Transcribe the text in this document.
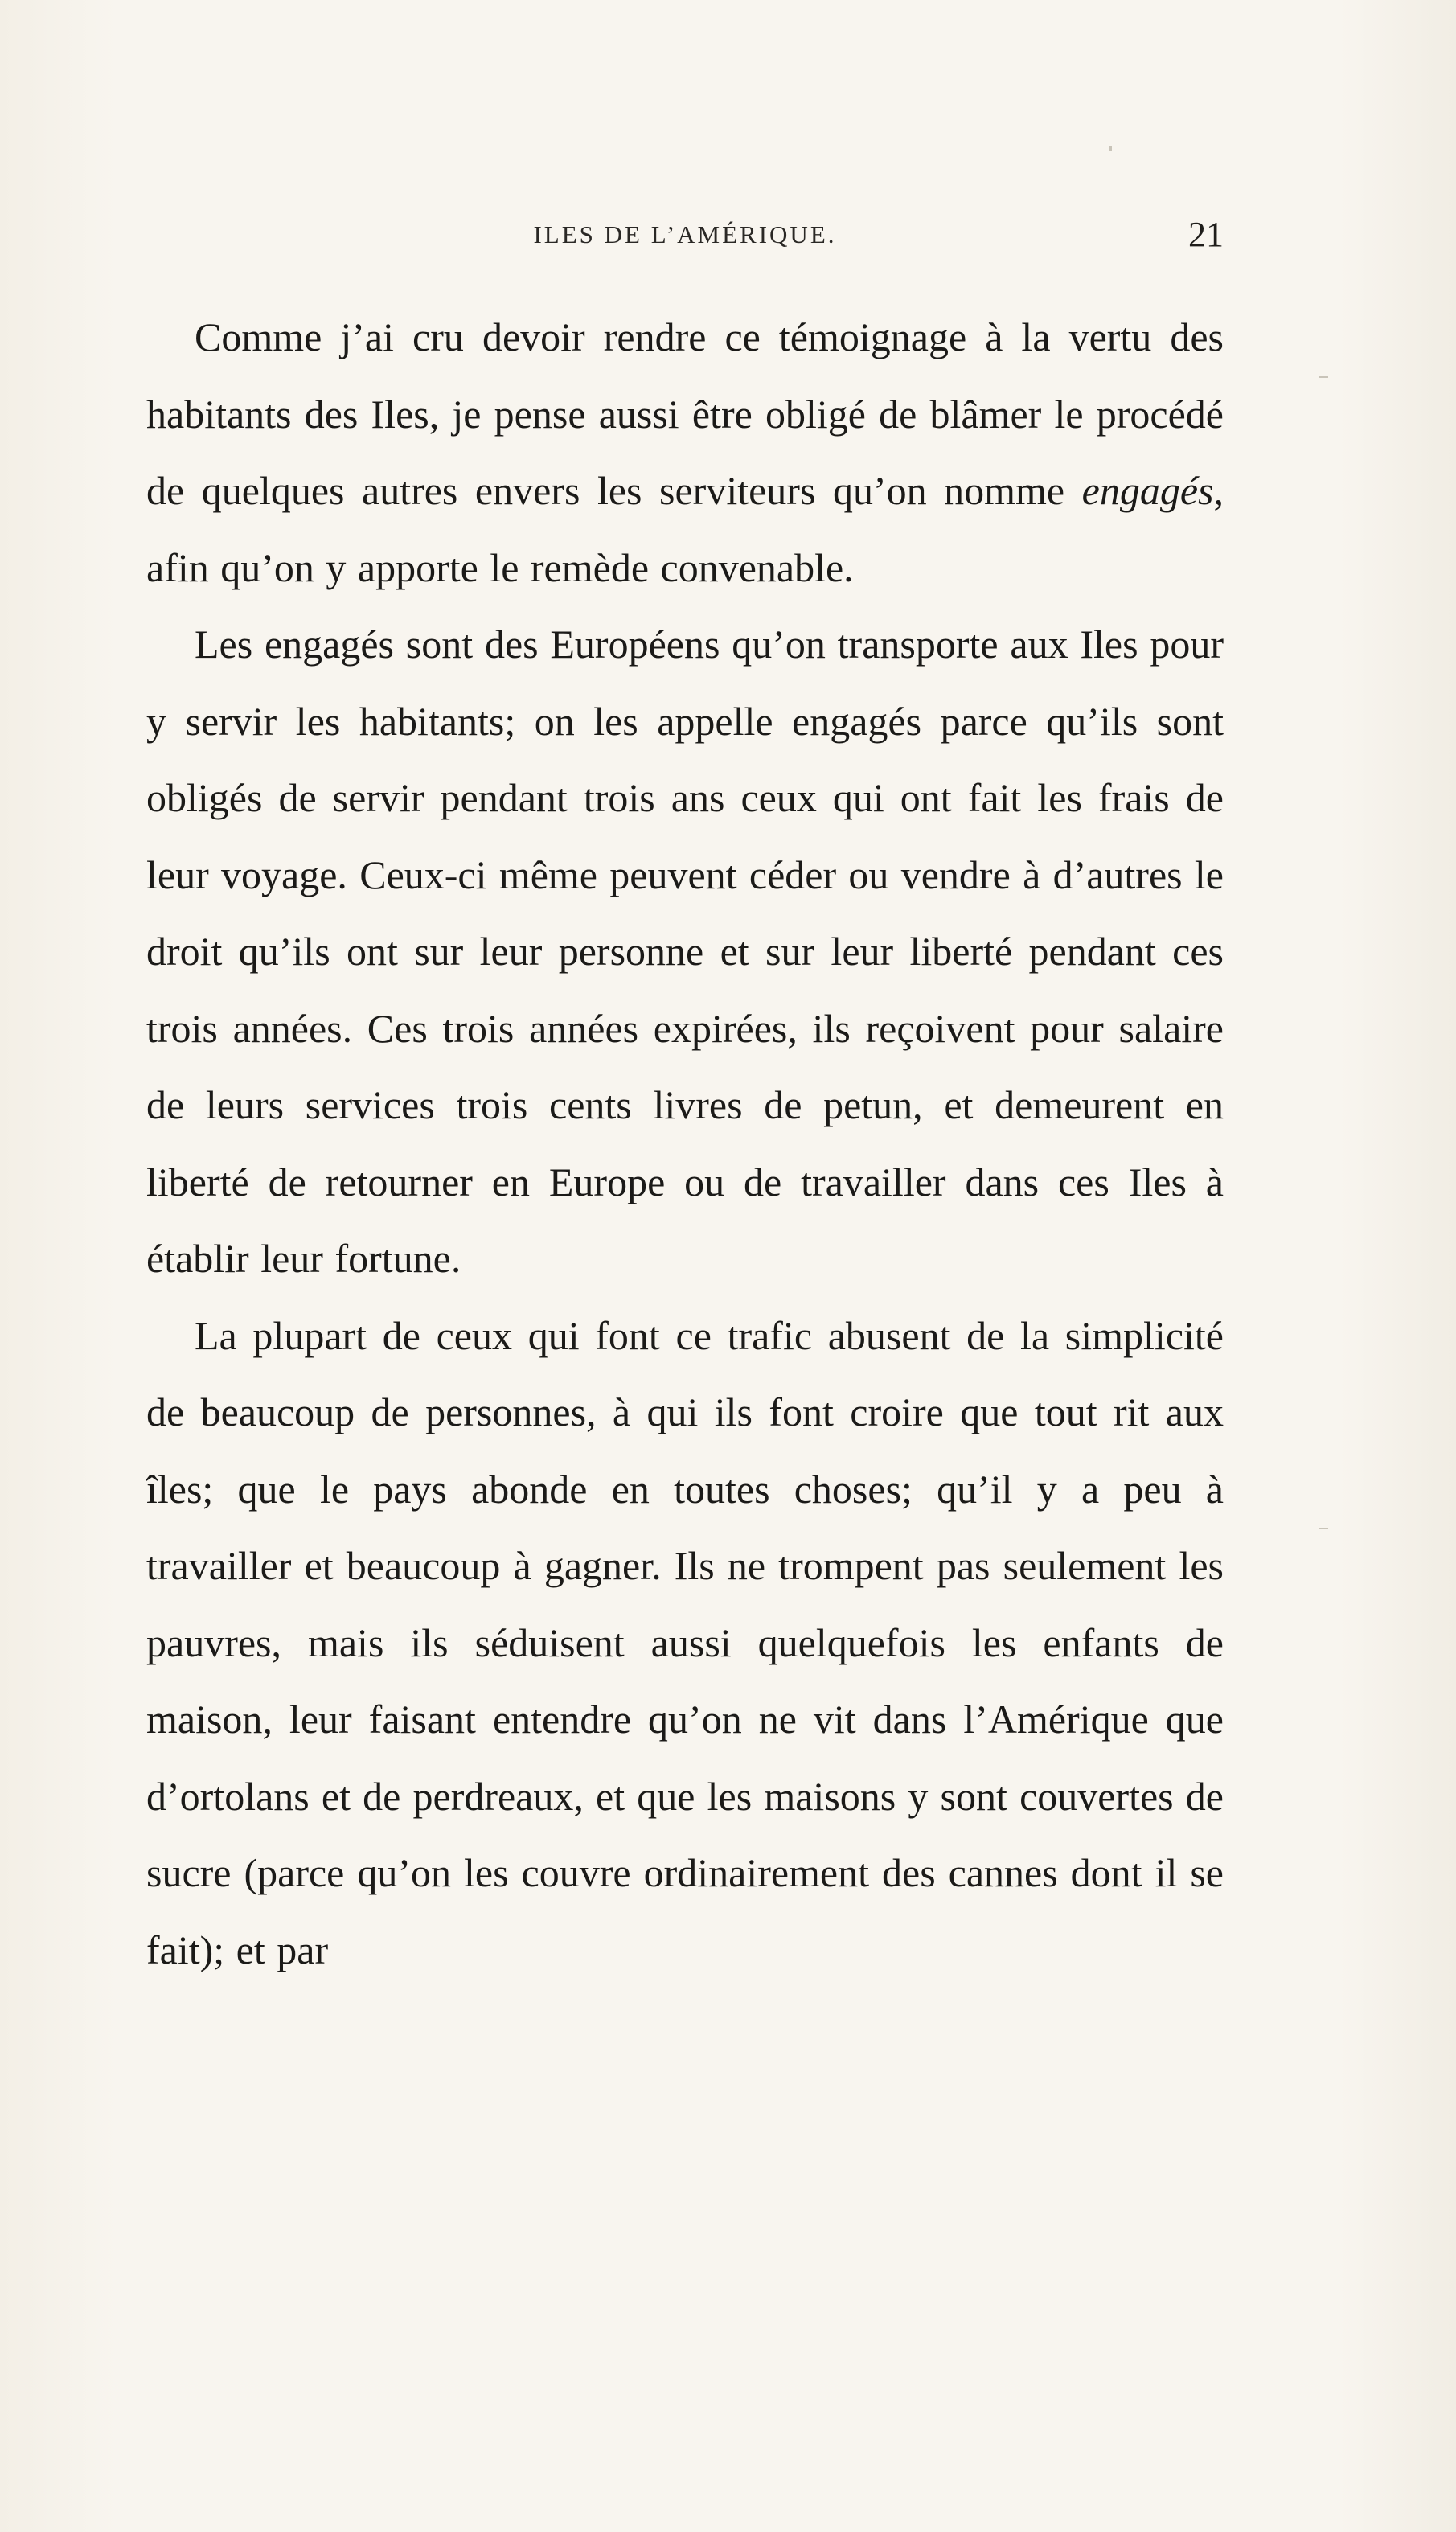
ILES DE L’AMÉRIQUE.	21

Comme j’ai cru devoir rendre ce témoignage à la vertu des habitants des Iles, je pense aussi être obligé de blâmer le procédé de quelques autres envers les serviteurs qu’on nomme engagés, afin qu’on y apporte le remède convenable.

Les engagés sont des Européens qu’on transporte aux Iles pour y servir les habitants; on les appelle engagés parce qu’ils sont obligés de servir pendant trois ans ceux qui ont fait les frais de leur voyage. Ceux-ci même peuvent céder ou vendre à d’autres le droit qu’ils ont sur leur personne et sur leur liberté pendant ces trois années. Ces trois années expirées, ils reçoivent pour salaire de leurs services trois cents livres de petun, et demeurent en liberté de retourner en Europe ou de travailler dans ces Iles à établir leur fortune.

La plupart de ceux qui font ce trafic abusent de la simplicité de beaucoup de personnes, à qui ils font croire que tout rit aux îles; que le pays abonde en toutes choses; qu’il y a peu à travailler et beaucoup à gagner. Ils ne trompent pas seulement les pauvres, mais ils séduisent aussi quelquefois les enfants de maison, leur faisant entendre qu’on ne vit dans l’Amérique que d’ortolans et de perdreaux, et que les maisons y sont couvertes de sucre (parce qu’on les couvre ordinairement des cannes dont il se fait); et par
